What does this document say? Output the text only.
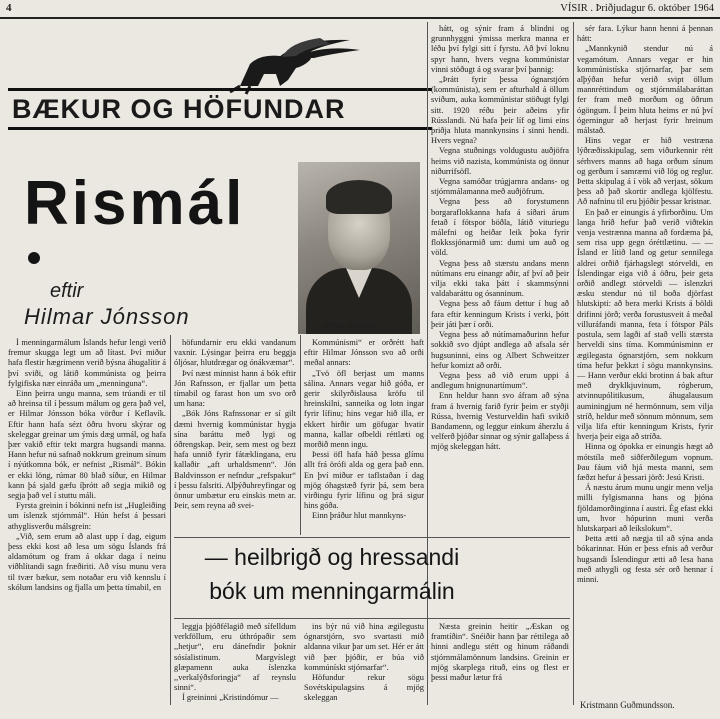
4	VÍSIR . Þriðjudagur 6. október 1964
BÆKUR OG HÖFUNDAR
Rismál
eftir
Hilmar Jónsson	Hilmar Jónsson.

Í menningarmálum Íslands hefur lengi verið fremur skugga legt um að lítast. Því miður hafa flestir hægrimenn verið býsna áhugalítir á því sviði, og látið kommúnista og þeirra fylgifiska nær einráða um „menninguna“.

Einn þeirra ungu manna, sem trúandi er til að hreinsa til í þessum málum og gera það vel, er Hilmar Jónsson bóka vörður í Keflavík. Eftir hann hafa sézt öðru hvoru skýrar og skeleggar greinar um ýmis dæg urmál, og hafa þær vakið eftir tekt margra hugsandi manna. Hann hefur nú safnað nokkrum greinum sínum í nýútkomna bók, er nefnist „Rismál“. Bókin er ekki löng, rúmar 80 blað síður, en Hilmar kann þá sjald gæfu íþrótt að segja mikið og segja það vel í stuttu máli.

Fyrsta greinin í bókinni nefn ist „Hugleiðing um íslenzk stjórnmál“. Hún hefst á þessari athyglisverðu málsgrein:

„Við, sem erum að alast upp í dag, eigum þess ekki kost að lesa um sögu Íslands frá aldamótum og fram á okkar daga í neinu viðhlítandi sagn fræðiriti. Að vísu munu vera til tvær bækur, sem notaðar eru við kennslu í skólum landsins og fjalla um þetta tímabil, en

höfundarnir eru ekki vandanum vaxnir. Lýsingar þeirra eru beggja óljósar, hlutdrægar og ónákvæmar“.

Því næst minnist hann á bók eftir Jón Rafnsson, er fjallar um þetta tímabil og farast hon um svo orð um hana:

„Bók Jóns Rafnssonar er sí gilt dæmi hvernig kommúnistar hygja sína baráttu með lygi og óðrengskap. Þeir, sem mest og bezt hafa unnið fyrir fátæklingana, eru kallaðir „aft urhaldsmenn“. Jón Baldvinsson er nefndur „refspakur“ í þessu falsriti. Alþýðuhreyfingar og önnur umbætur eru einskis metn ar. Þeir, sem reyna að svei-

Kommúnismi“ er orðrétt haft eftir Hilmar Jónsson svo að orði meðal annars:

„Tvö öfl berjast um manns sálina. Annars vegar hið góða, er gerir skilyrðislausa kröfu til hreinskilni, sanneika og lotn ingar fyrir lífinu; hins vegar hið illa, er ekkert hirðir um göfugar hvatir manna, kallar ofbeldi réttlæti og morðið menn ingu.

Þessi öfl hafa háð þessa glímu allt frá örófi alda og gera það enn. En því miður er taflstaðan í dag mjög óhagstæð fyrir þá, sem bera virðingu fyrir lífinu og þrá sigur hins góða.

Einn þráður hlut mannkyns-

hátt, og sýnir fram á blindni og grunnhyggni ýmissa merkra manna er léðu því fylgi sitt í fyrstu. Að því loknu spyr hann, hvers vegna kommúnistar vinni stöðugt á og svarar því þannig:

„Þrátt fyrir þessa ógnarstjórn (kommúnista), sem er afturhald á öllum sviðum, auka kommúnistar stöðugt fylgi sitt. 1920 réðu þeir aðeins yfir Rússlandi. Nú hafa þeir líf og limi eins þriðja hluta mannkynsins í sinni hendi. Hvers vegna?

Vegna stuðnings voldugustu auðjöfra heims við nazista, kommúnista og önnur niðurrifsöfl.

Vegna samóðar trúgjarnra andans- og stjórnmálamanna með auðjöfrum.

Vegna þess að forystumenn borgaraflokkanna hafa á síðari árum fetað í fótspor böðla, látið vituriegu málefni og heiðar leik þoka fyrir flokkssjónarmið um: dumi um auð og völd.

Vegna þess að stærstu andans menn nútímans eru einangr aðir, af því að þeir vilja ekki taka þátt í skammsýnni valdabaráttu og ósanninum.

Vegna þess að fáum dettur í hug að fara eftir kenningum Krists í verki, þótt þeir játi þær í orði.

Vegna þess að nútímamaðurinn hefur sokkið svo djúpt andlega að afsala sér hugsuninni, eins og Albert Schweitzer hefur komizt að orði.

Vegna þess að við erum uppi á andlegum hnignunartímum“.

Enn heldur hann svo áfram að sýna fram á hvernig farið fyrir þeim er styðji Rússa, hvernig Vesturveldin hafi svikið Bandamenn, og leggur einkum áherzlu á velferð þjóðar sinnar og sýnir gallaþess á mjög skeleggan hátt.

sér fara. Lýkur hann henni á þennan hátt:

„Mannkynið stendur nú á vegamótum. Annars vegar er hin kommúnistíska stjórnarfar, þar sem alþýðan hefur verið svipt öllum mannréttindum og stjórnmálabaráttan fer fram með morðum og öðrum ógöngum. Í þeim hluta heims er nú því ógerningur að herjast fyrir hreinum málstað.

Hins vegar er hið vestræna lýðræðisskipulag, sem viðurkennir rétt sérhvers manns að haga orðum sínum og gerðum í samræmi við lög og reglur. Þetta skipulag á í vök að verjast, sökum þess að það skortir andlega kjölfestu. Að nafninu til eru þjóðir þessar kristnar.

En það er einungis á yfirborðinu. Um langa hríð hefur það verið viðtekin venja vestrænna manna að fordæma þá, sem risa upp gegn óréttlætinu. — — Ísland er lítið land og getur sennilega aldrei orðið fjárhagslegt stórveldi, en Íslendingar eiga við á öðru, þeir geta orðið andlegt stórveldi — íslenzkri æsku stendur nú til boða djörfast hlutskipti: að bera merki Krists á böldi drifinni jörð; verða forustusveit á meðal villuráfandi manna, feta í fótspor Páls postula, sem lagði af stað velli stærsta herveldi sins tíma. Kommúnisminn er ægilegasta ógnarstjórn, sem nokkurn tíma hefur þekkzt í sögu mannkynsins. — Hann verður ekki brotinn á bak aftur með dryklkjuvinum, rógberum, atvinnupólitikusum, áhugalausum auminingjum né hermönnum, sem vilja stríð, heldur með sönnum mönnum, sem vilja lifa eftir kenningum Krists, fyrir hverja þeir eiga að stríða.

Hinna og ópokka er einungis hægt að mótstíla með siðferðilegum vopnum. Þau fáum við hjá mesta manni, sem fæðzt hefur á þessari jörð: Jesú Kristi.

Á næstu árum munu ungir menn velja milli fylgismanna hans og þjóna fjöldamorðinginna í austri. Ég efast ekki um, hvor hópurinn muni verða hlutskarpari að leikslokum“.

Þetta ætti að nægja til að sýna anda bókarinnar. Hún er þess efnis að verður hugsandi Íslendingur ætti að lesa hana með athygli og festa sér orð hennar í minni.

Kristmann Guðmundsson.
— heilbrigð og hressandi
bók um menningarmálin

leggja þjóðfélagið með sífelldum verkföllum, eru úthrópaðir sem ,,hetjur“, eru dánefndir þoknir sósíalistinum. Margvíslegt glæpamenn auka íslenzka ,,verkalýðsforingja“ af reynslu sinni“.

Í greininni „Kristindómur —

ins býr nú við hina ægilegustu ógnarstjórn, svo svartasti mið aldanna vikur þar um set. Hér er átt við þær þjóðir, er búa við kommúnískt stjórnarfar“.

Höfundur rekur sögu Sovétskipulagsins á mjög skeleggan

Næsta greinin heitir „Æskan og framtíðin“. Snéiðir hann þar réttilega að hinni andlegu stétt og hinum ráðandi stjórnmálamönnum landsins. Greinin er mjög skarplega rituð, eins og flest er þessi maður lætur frá
